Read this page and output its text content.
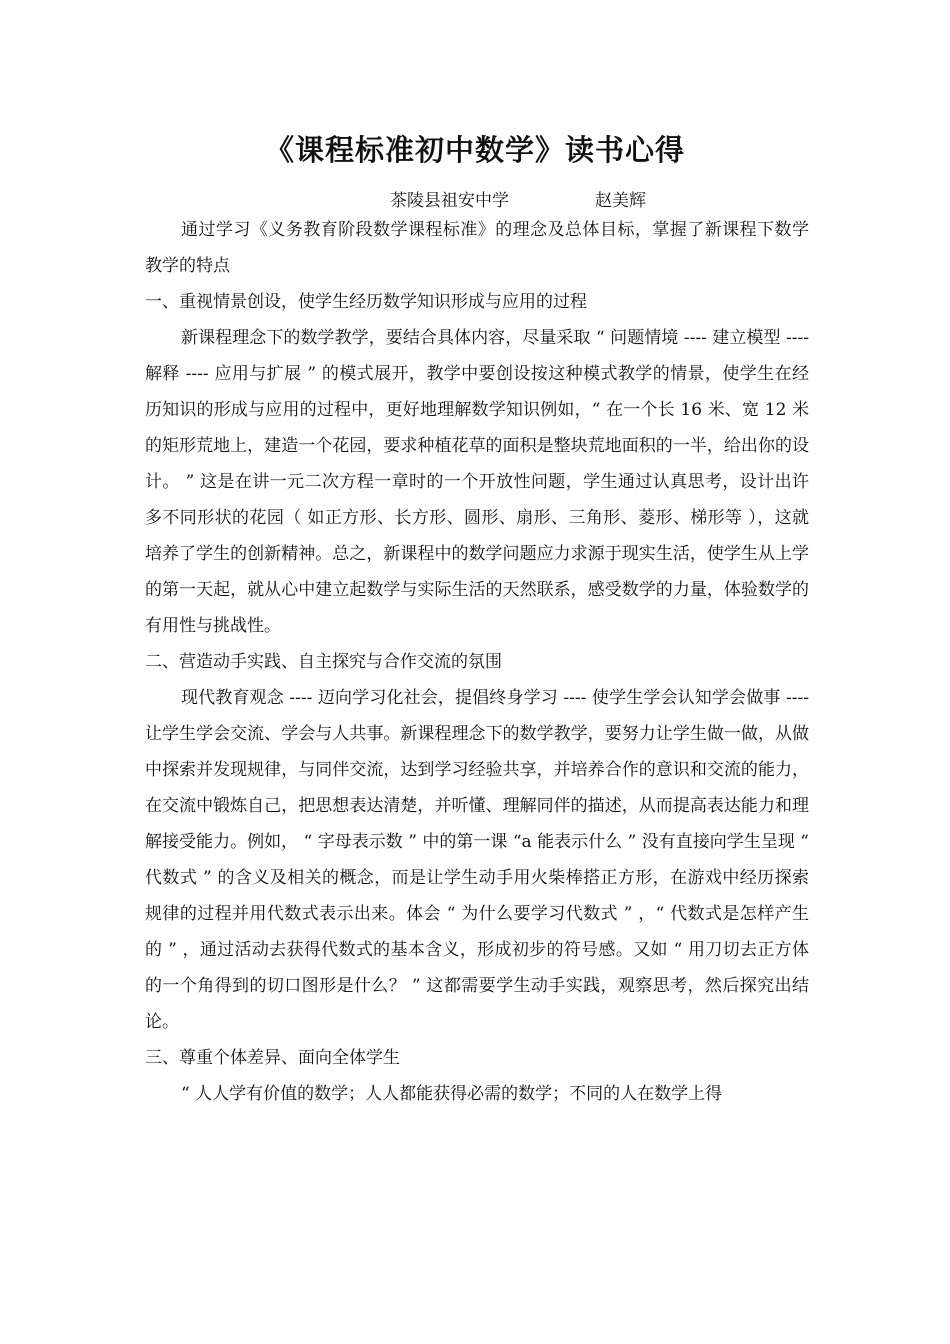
《课程标准初中数学》读书心得
茶陵县祖安中学	赵美辉

通过学习《义务教育阶段数学课程标准》的理念及总体目标，掌握了新课程下数学教学的特点

一、重视情景创设，使学生经历数学知识形成与应用的过程

新课程理念下的数学教学，要结合具体内容，尽量采取 “ 问题情境 ---- 建立模型 ---- 解释 ---- 应用与扩展 ” 的模式展开，教学中要创设按这种模式教学的情景，使学生在经历知识的形成与应用的过程中，更好地理解数学知识例如，“ 在一个长 16 米、宽 12 米的矩形荒地上，建造一个花园，要求种植花草的面积是整块荒地面积的一半，给出你的设计。 ” 这是在讲一元二次方程一章时的一个开放性问题，学生通过认真思考，设计出许多不同形状的花园（ 如正方形、长方形、圆形、扇形、三角形、菱形、梯形等 ），这就培养了学生的创新精神。总之，新课程中的数学问题应力求源于现实生活，使学生从上学的第一天起，就从心中建立起数学与实际生活的天然联系，感受数学的力量，体验数学的有用性与挑战性。

二、营造动手实践、自主探究与合作交流的氛围

现代教育观念 ---- 迈向学习化社会，提倡终身学习 ---- 使学生学会认知学会做事 ---- 让学生学会交流、学会与人共事。新课程理念下的数学教学，要努力让学生做一做，从做中探索并发现规律，与同伴交流，达到学习经验共享，并培养合作的意识和交流的能力，在交流中锻炼自己，把思想表达清楚，并听懂、理解同伴的描述，从而提高表达能力和理解接受能力。例如， “ 字母表示数 ” 中的第一课 “a 能表示什么 ” 没有直接向学生呈现 “ 代数式 ” 的含义及相关的概念，而是让学生动手用火柴棒搭正方形，在游戏中经历探索规律的过程并用代数式表示出来。体会 “ 为什么要学习代数式 ” ，“ 代数式是怎样产生的 ” ，通过活动去获得代数式的基本含义，形成初步的符号感。又如 “ 用刀切去正方体的一个角得到的切口图形是什么？ ” 这都需要学生动手实践，观察思考，然后探究出结论。

三、尊重个体差异、面向全体学生

“ 人人学有价值的数学；人人都能获得必需的数学；不同的人在数学上得
